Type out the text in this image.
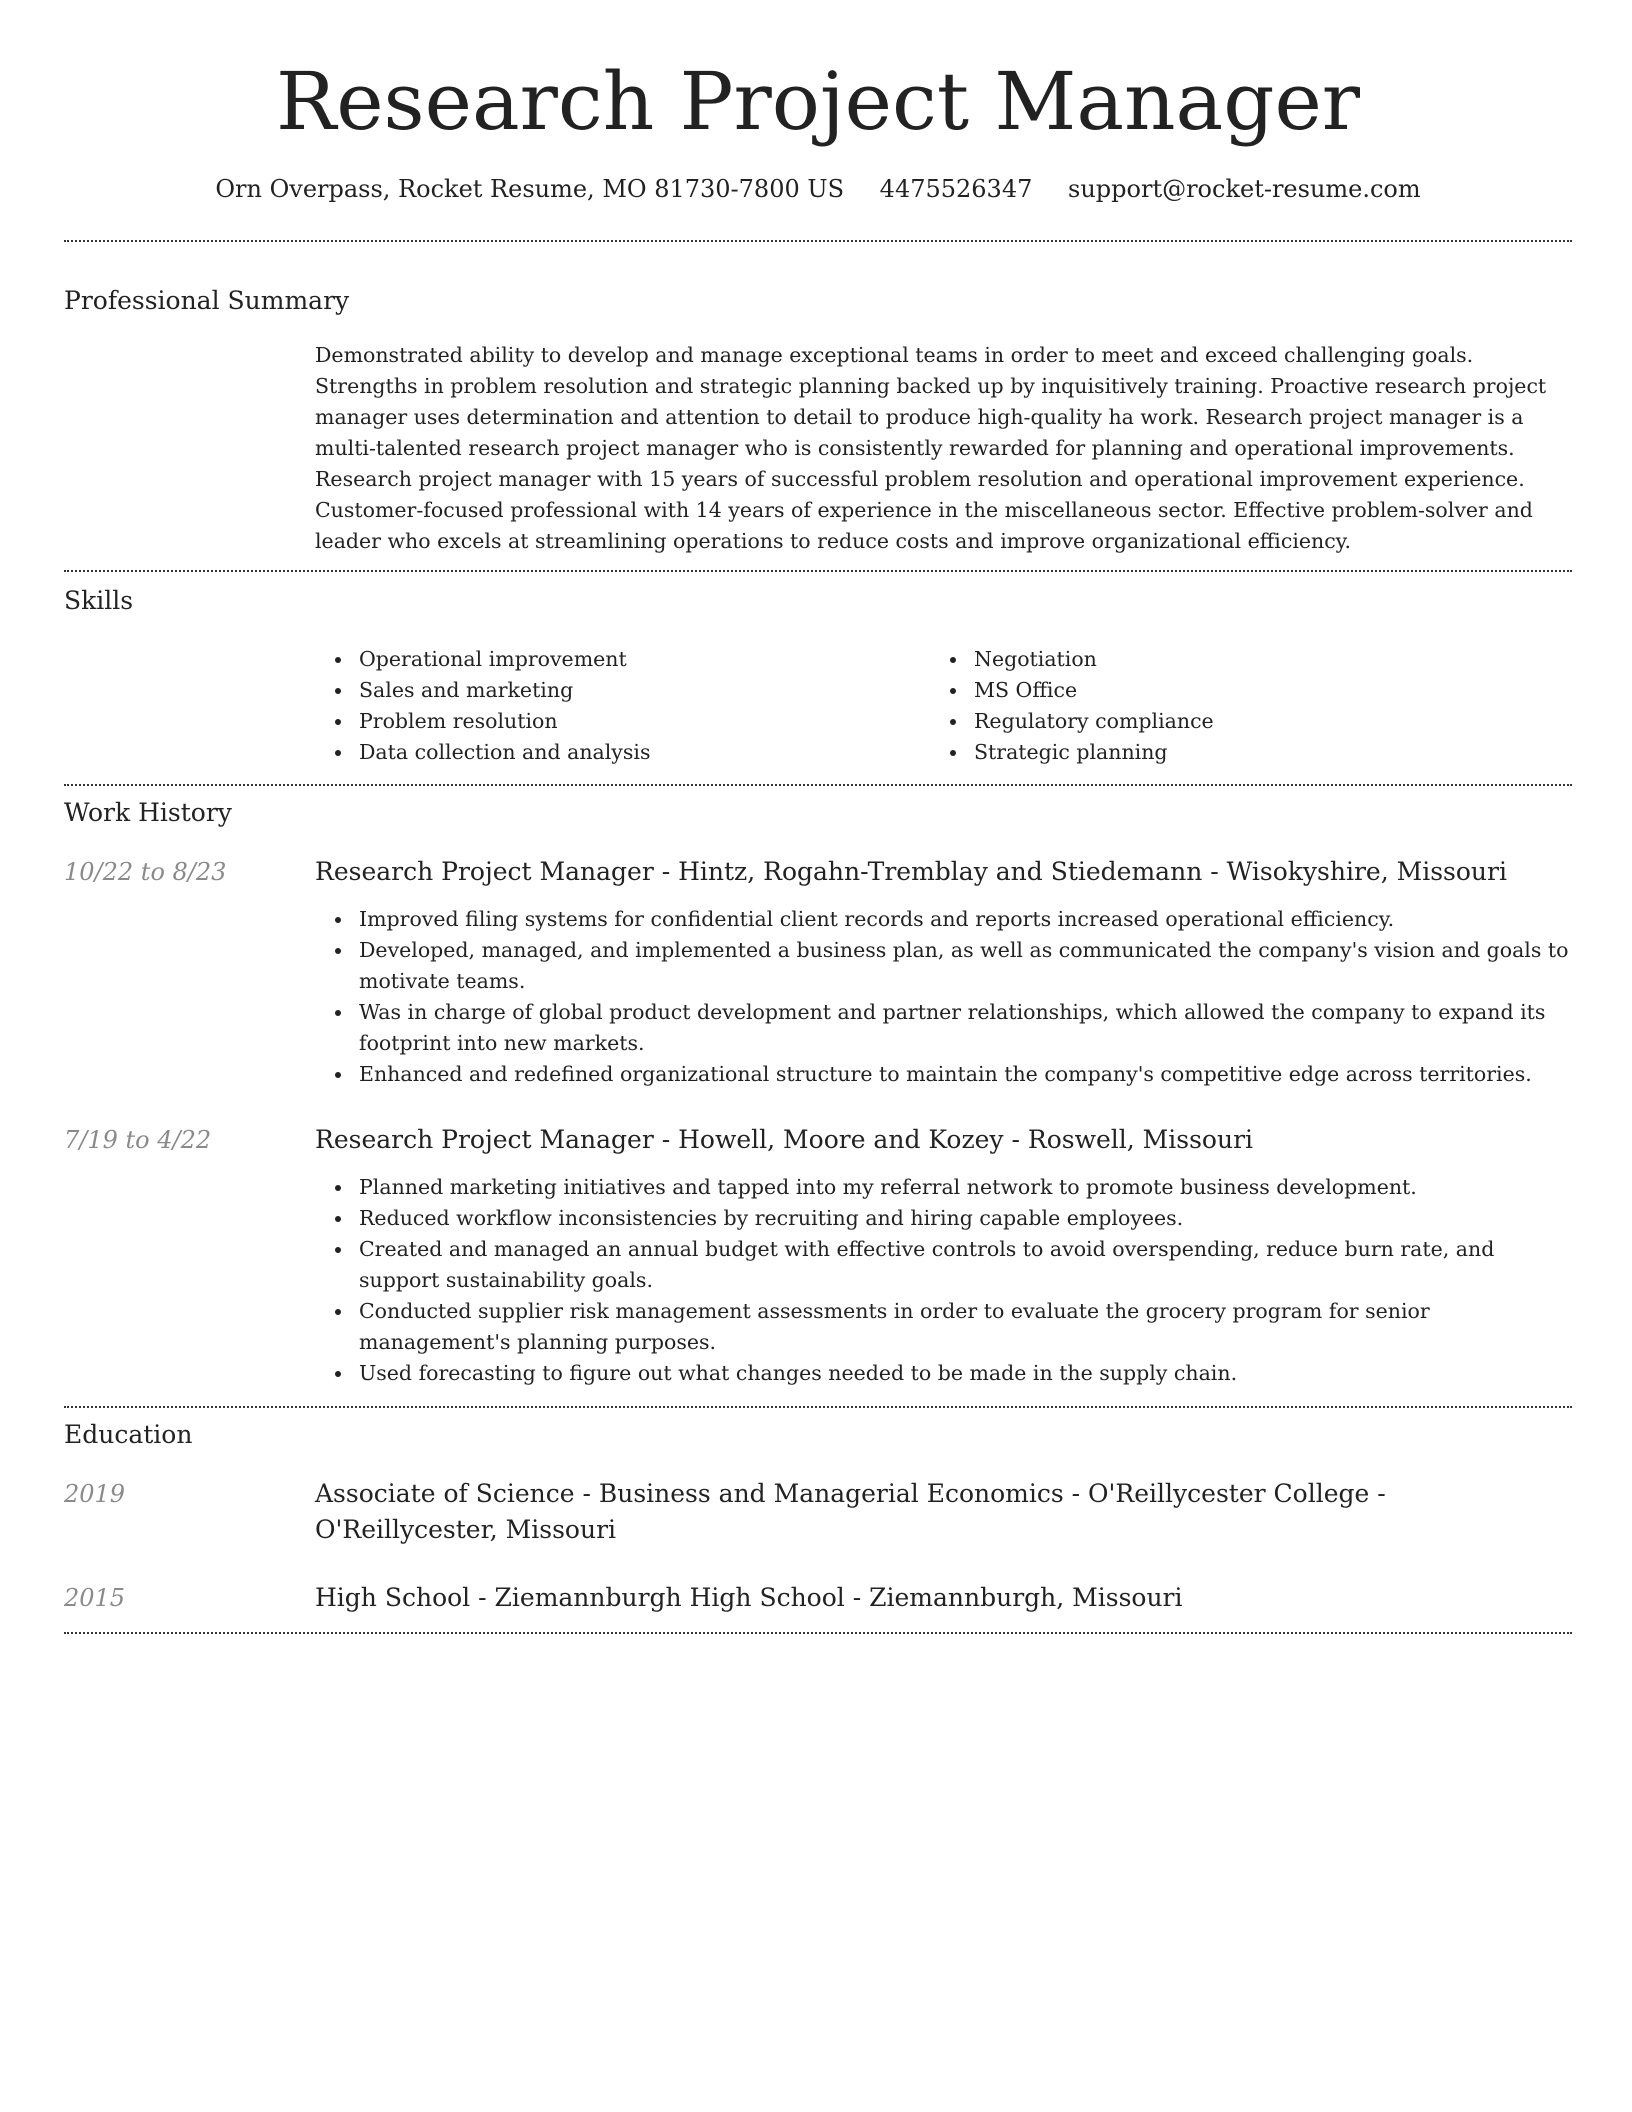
Research Project Manager
Orn Overpass, Rocket Resume, MO 81730-7800 US 4475526347 support@rocket-resume.com
Professional Summary

Demonstrated ability to develop and manage exceptional teams in order to meet and exceed challenging goals. Strengths in problem resolution and strategic planning backed up by inquisitively training. Proactive research project manager uses determination and attention to detail to produce high-quality ha work. Research project manager is a multi-talented research project manager who is consistently rewarded for planning and operational improvements. Research project manager with 15 years of successful problem resolution and operational improvement experience. Customer-focused professional with 14 years of experience in the miscellaneous sector. Effective problem-solver and leader who excels at streamlining operations to reduce costs and improve organizational efficiency.

Skills
Operational improvement
Sales and marketing
Problem resolution
Data collection and analysis
Negotiation
MS Office
Regulatory compliance
Strategic planning
Work History
10/22 to 8/23	Research Project Manager - Hintz, Rogahn-Tremblay and Stiedemann - Wisokyshire, Missouri
Improved filing systems for confidential client records and reports increased operational efficiency.
Developed, managed, and implemented a business plan, as well as communicated the company's vision and goals to motivate teams.
Was in charge of global product development and partner relationships, which allowed the company to expand its footprint into new markets.
Enhanced and redefined organizational structure to maintain the company's competitive edge across territories.
7/19 to 4/22	Research Project Manager - Howell, Moore and Kozey - Roswell, Missouri
Planned marketing initiatives and tapped into my referral network to promote business development.
Reduced workflow inconsistencies by recruiting and hiring capable employees.
Created and managed an annual budget with effective controls to avoid overspending, reduce burn rate, and support sustainability goals.
Conducted supplier risk management assessments in order to evaluate the grocery program for senior management's planning purposes.
Used forecasting to figure out what changes needed to be made in the supply chain.
Education
2019	Associate of Science - Business and Managerial Economics - O'Reillycester College - O'Reillycester, Missouri
2015	High School - Ziemannburgh High School - Ziemannburgh, Missouri
